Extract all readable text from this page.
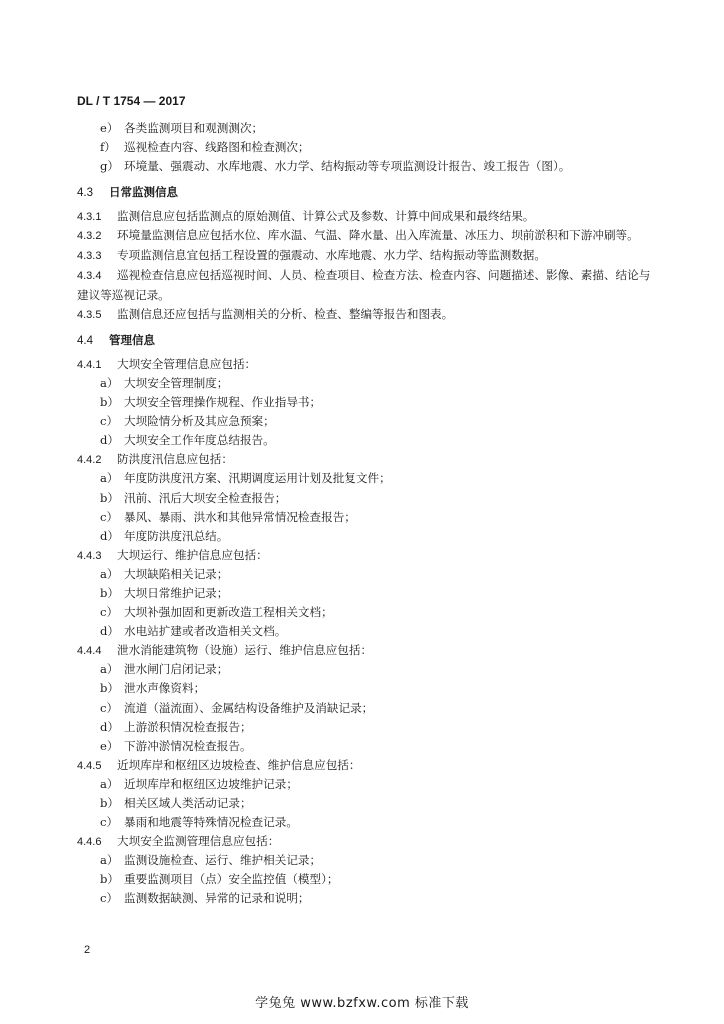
DL / T 1754 — 2017
e） 各类监测项目和观测测次；
f） 巡视检查内容、线路图和检查测次；
g） 环境量、强震动、水库地震、水力学、结构振动等专项监测设计报告、竣工报告（图）。
4.3 日常监测信息
4.3.1 监测信息应包括监测点的原始测值、计算公式及参数、计算中间成果和最终结果。
4.3.2 环境量监测信息应包括水位、库水温、气温、降水量、出入库流量、冰压力、坝前淤积和下游冲刷等。
4.3.3 专项监测信息宜包括工程设置的强震动、水库地震、水力学、结构振动等监测数据。
4.3.4 巡视检查信息应包括巡视时间、人员、检查项目、检查方法、检查内容、问题描述、影像、素描、结论与建议等巡视记录。
4.3.5 监测信息还应包括与监测相关的分析、检查、整编等报告和图表。
4.4 管理信息
4.4.1 大坝安全管理信息应包括：
a） 大坝安全管理制度；
b） 大坝安全管理操作规程、作业指导书；
c） 大坝险情分析及其应急预案；
d） 大坝安全工作年度总结报告。
4.4.2 防洪度汛信息应包括：
a） 年度防洪度汛方案、汛期调度运用计划及批复文件；
b） 汛前、汛后大坝安全检查报告；
c） 暴风、暴雨、洪水和其他异常情况检查报告；
d） 年度防洪度汛总结。
4.4.3 大坝运行、维护信息应包括：
a） 大坝缺陷相关记录；
b） 大坝日常维护记录；
c） 大坝补强加固和更新改造工程相关文档；
d） 水电站扩建或者改造相关文档。
4.4.4 泄水消能建筑物（设施）运行、维护信息应包括：
a） 泄水闸门启闭记录；
b） 泄水声像资料；
c） 流道（溢流面）、金属结构设备维护及消缺记录；
d） 上游淤积情况检查报告；
e） 下游冲淤情况检查报告。
4.4.5 近坝库岸和枢纽区边坡检查、维护信息应包括：
a） 近坝库岸和枢纽区边坡维护记录；
b） 相关区域人类活动记录；
c） 暴雨和地震等特殊情况检查记录。
4.4.6 大坝安全监测管理信息应包括：
a） 监测设施检查、运行、维护相关记录；
b） 重要监测项目（点）安全监控值（模型）；
c） 监测数据缺测、异常的记录和说明；
2
学兔兔 www.bzfxw.com 标准下载
